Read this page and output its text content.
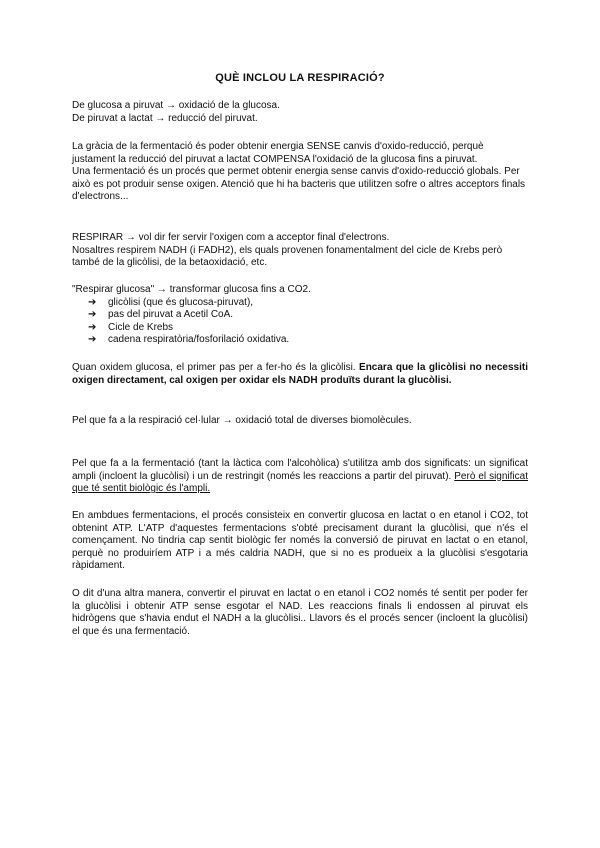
QUÈ INCLOU LA RESPIRACIÓ?

De glucosa a piruvat → oxidació de la glucosa.

De piruvat a lactat → reducció del piruvat.

La gràcia de la fermentació és poder obtenir energia SENSE canvis d'oxido-reducció, perquè justament la reducció del piruvat a lactat COMPENSA l'oxidació de la glucosa fins a piruvat.

Una fermentació és un procés que permet obtenir energia sense canvis d'oxido-reducció globals. Per això es pot produir sense oxigen. Atenció que hi ha bacteris que utilitzen sofre o altres acceptors finals d'electrons...

RESPIRAR → vol dir fer servir l'oxigen com a acceptor final d'electrons.

Nosaltres respirem NADH (i FADH2), els quals provenen fonamentalment del cicle de Krebs però també de la glicòlisi, de la betaoxidació, etc.

"Respirar glucosa" → transformar glucosa fins a CO2.

➔ glicòlisi (que és glucosa-piruvat),
➔ pas del piruvat a Acetil CoA.
➔ Cicle de Krebs
➔ cadena respiratòria/fosforilació oxidativa.

Quan oxidem glucosa, el primer pas per a fer-ho és la glicòlisi. Encara que la glicòlisi no necessiti oxigen directament, cal oxigen per oxidar els NADH produïts durant la glucòlisi.

Pel que fa a la respiració cel·lular → oxidació total de diverses biomolècules.

Pel que fa a la fermentació (tant la làctica com l'alcohòlica) s'utilitza amb dos significats: un significat ampli (incloent la glucòlisi) i un de restringit (només les reaccions a partir del piruvat). Però el significat que té sentit biològic és l'ampli.

En ambdues fermentacions, el procés consisteix en convertir glucosa en lactat o en etanol i CO2, tot obtenint ATP. L'ATP d'aquestes fermentacions s'obté precisament durant la glucòlisi, que n'és el començament. No tindria cap sentit biològic fer només la conversió de piruvat en lactat o en etanol, perquè no produiríem ATP i a més caldria NADH, que si no es produeix a la glucòlisi s'esgotaria ràpidament.

O dit d'una altra manera, convertir el piruvat en lactat o en etanol i CO2 només té sentit per poder fer la glucòlisi i obtenir ATP sense esgotar el NAD. Les reaccions finals li endossen al piruvat els hidrògens que s'havia endut el NADH a la glucòlisi.. Llavors és el procés sencer (incloent la glucòlisi) el que és una fermentació.
